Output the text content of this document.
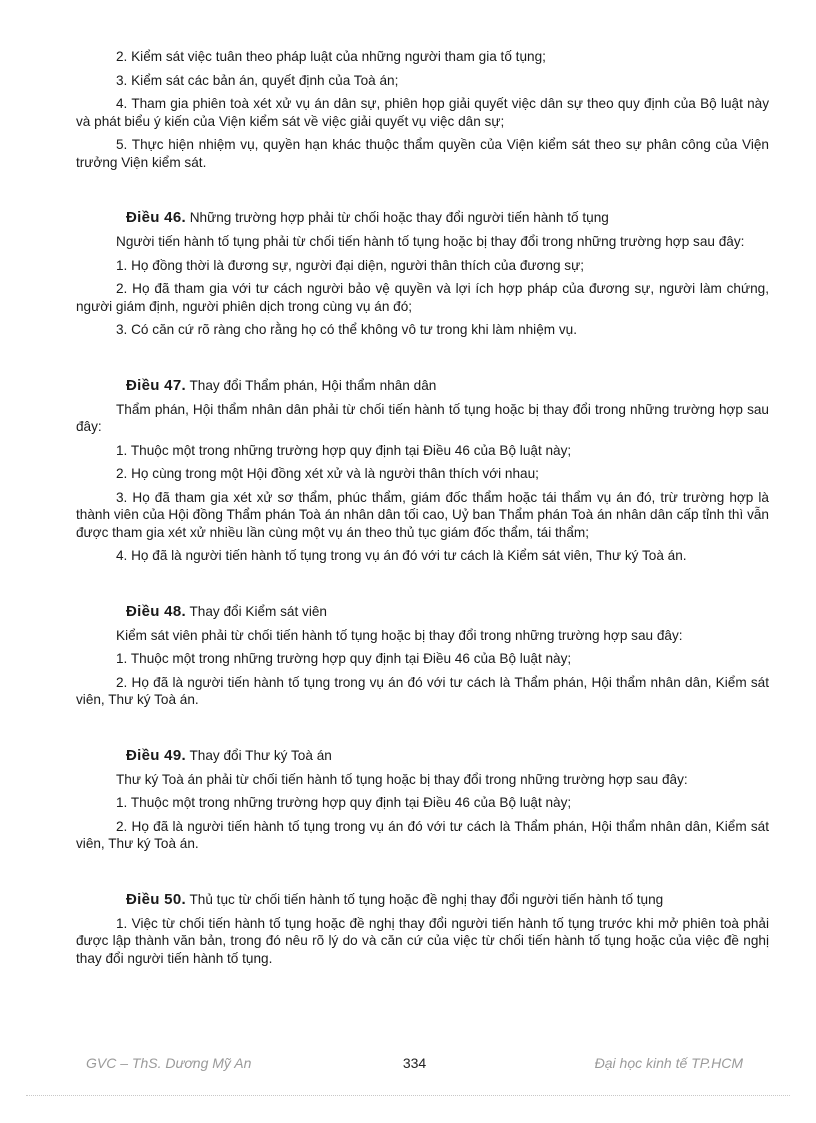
2. Kiểm sát việc tuân theo pháp luật của những người tham gia tố tụng;

3. Kiểm sát các bản án, quyết định của Toà án;

4. Tham gia phiên toà xét xử vụ án dân sự, phiên họp giải quyết việc dân sự theo quy định của Bộ luật này và phát biểu ý kiến của Viện kiểm sát về việc giải quyết vụ việc dân sự;

5. Thực hiện nhiệm vụ, quyền hạn khác thuộc thẩm quyền của Viện kiểm sát theo sự phân công của Viện trưởng Viện kiểm sát.

Điều 46. Những trường hợp phải từ chối hoặc thay đổi người tiến hành tố tụng

Người tiến hành tố tụng phải từ chối tiến hành tố tụng hoặc bị thay đổi trong những trường hợp sau đây:

1. Họ đồng thời là đương sự, người đại diện, người thân thích của đương sự;

2. Họ đã tham gia với tư cách người bảo vệ quyền và lợi ích hợp pháp của đương sự, người làm chứng, người giám định, người phiên dịch trong cùng vụ án đó;

3. Có căn cứ rõ ràng cho rằng họ có thể không vô tư trong khi làm nhiệm vụ.

Điều 47. Thay đổi Thẩm phán, Hội thẩm nhân dân

Thẩm phán, Hội thẩm nhân dân phải từ chối tiến hành tố tụng hoặc bị thay đổi trong những trường hợp sau đây:

1. Thuộc một trong những trường hợp quy định tại Điều 46 của Bộ luật này;

2. Họ cùng trong một Hội đồng xét xử và là người thân thích với nhau;

3. Họ đã tham gia xét xử sơ thẩm, phúc thẩm, giám đốc thẩm hoặc tái thẩm vụ án đó, trừ trường hợp là thành viên của Hội đồng Thẩm phán Toà án nhân dân tối cao, Uỷ ban Thẩm phán Toà án nhân dân cấp tỉnh thì vẫn được tham gia xét xử nhiều lần cùng một vụ án theo thủ tục giám đốc thẩm, tái thẩm;

4. Họ đã là người tiến hành tố tụng trong vụ án đó với tư cách là Kiểm sát viên, Thư ký Toà án.

Điều 48. Thay đổi Kiểm sát viên

Kiểm sát viên phải từ chối tiến hành tố tụng hoặc bị thay đổi trong những trường hợp sau đây:

1. Thuộc một trong những trường hợp quy định tại Điều 46 của Bộ luật này;

2. Họ đã là người tiến hành tố tụng trong vụ án đó với tư cách là Thẩm phán, Hội thẩm nhân dân, Kiểm sát viên, Thư ký Toà án.

Điều 49. Thay đổi Thư ký Toà án

Thư ký Toà án phải từ chối tiến hành tố tụng hoặc bị thay đổi trong những trường hợp sau đây:

1. Thuộc một trong những trường hợp quy định tại Điều 46 của Bộ luật này;

2. Họ đã là người tiến hành tố tụng trong vụ án đó với tư cách là Thẩm phán, Hội thẩm nhân dân, Kiểm sát viên, Thư ký Toà án.

Điều 50. Thủ tục từ chối tiến hành tố tụng hoặc đề nghị thay đổi người tiến hành tố tụng

1. Việc từ chối tiến hành tố tụng hoặc đề nghị thay đổi người tiến hành tố tụng trước khi mở phiên toà phải được lập thành văn bản, trong đó nêu rõ lý do và căn cứ của việc từ chối tiến hành tố tụng hoặc của việc đề nghị thay đổi người tiến hành tố tụng.

GVC – ThS. Dương Mỹ An	334	Đại học kinh tế TP.HCM
